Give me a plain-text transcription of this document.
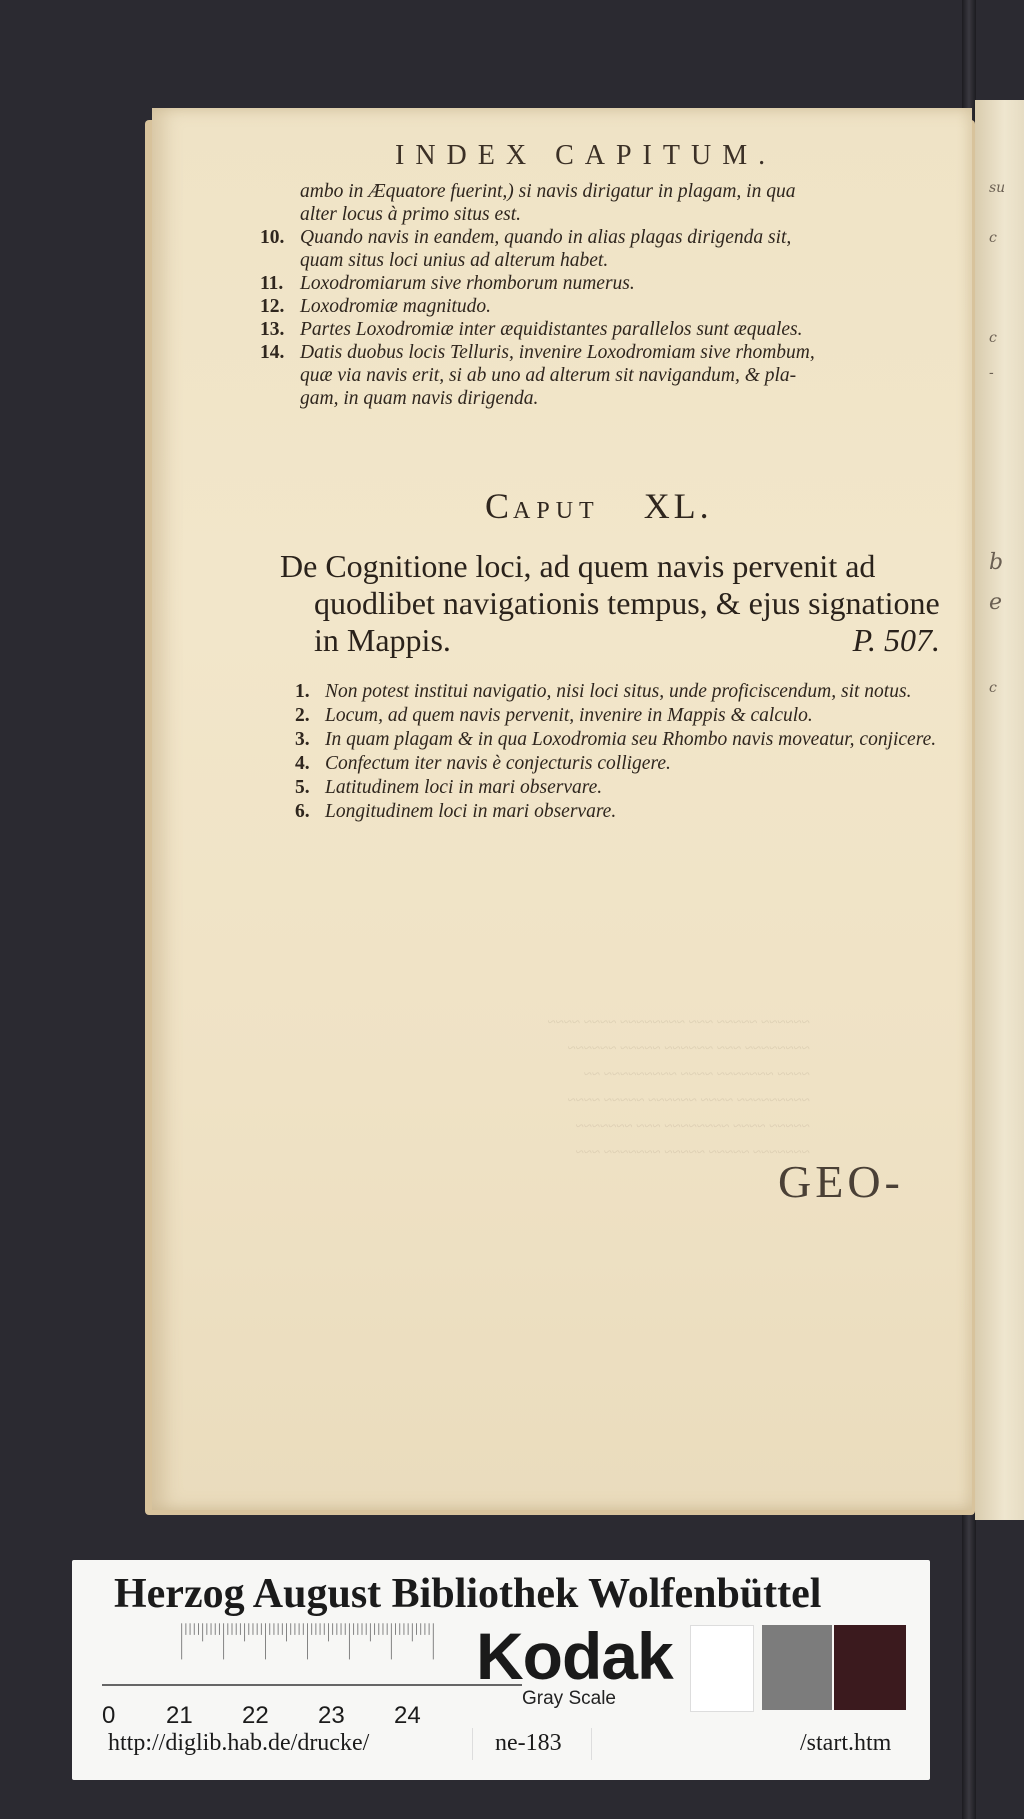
su
c
c
-
b
e
c
~~~~~~ ~~~~~ ~~~ ~~~~~~~~ ~~~~ ~~~~
~~~~~~~~ ~~~ ~~~~~~ ~~~~~ ~~~~~~
~~~~ ~~~~~~~ ~~~~ ~~~~~~~~~ ~~
~~~~~~~~~ ~~~~ ~~~~~~ ~~~~~ ~~~~
~~~~~ ~~~~ ~~~~~~~~ ~~~ ~~~~~~~
~~~~~~~ ~~~~~ ~~~~~ ~~~~~~~ ~~~
INDEX CAPITUM.

ambo in Æquatore fuerint,) si navis dirigatur in plagam, in qua

alter locus à primo situs est.

10. Quando navis in eandem, quando in alias plagas dirigenda sit,

quam situs loci unius ad alterum habet.

11. Loxodromiarum sive rhomborum numerus.

12. Loxodromiæ magnitudo.

13. Partes Loxodromiæ inter æquidistantes parallelos sunt æquales.

14. Datis duobus locis Telluris, invenire Loxodromiam sive rhombum,

quæ via navis erit, si ab uno ad alterum sit navigandum, & pla-

gam, in quam navis dirigenda.

CAPUT XL.
De Cognitione loci, ad quem navis pervenit ad
quodlibet navigationis tempus, & ejus signatione
in Mappis.	P. 507.

1. Non potest institui navigatio, nisi loci situs, unde proficiscendum, sit notus.

2. Locum, ad quem navis pervenit, invenire in Mappis & calculo.

3. In quam plagam & in qua Loxodromia seu Rhombo navis moveatur, conjicere.

4. Confectum iter navis è conjecturis colligere.

5. Latitudinem loci in mari observare.

6. Longitudinem loci in mari observare.

GEO-
Herzog August Bibliothek Wolfenbüttel
0 21 22 23 24
Kodak
Gray Scale
http://diglib.hab.de/drucke/	ne-183	/start.htm
